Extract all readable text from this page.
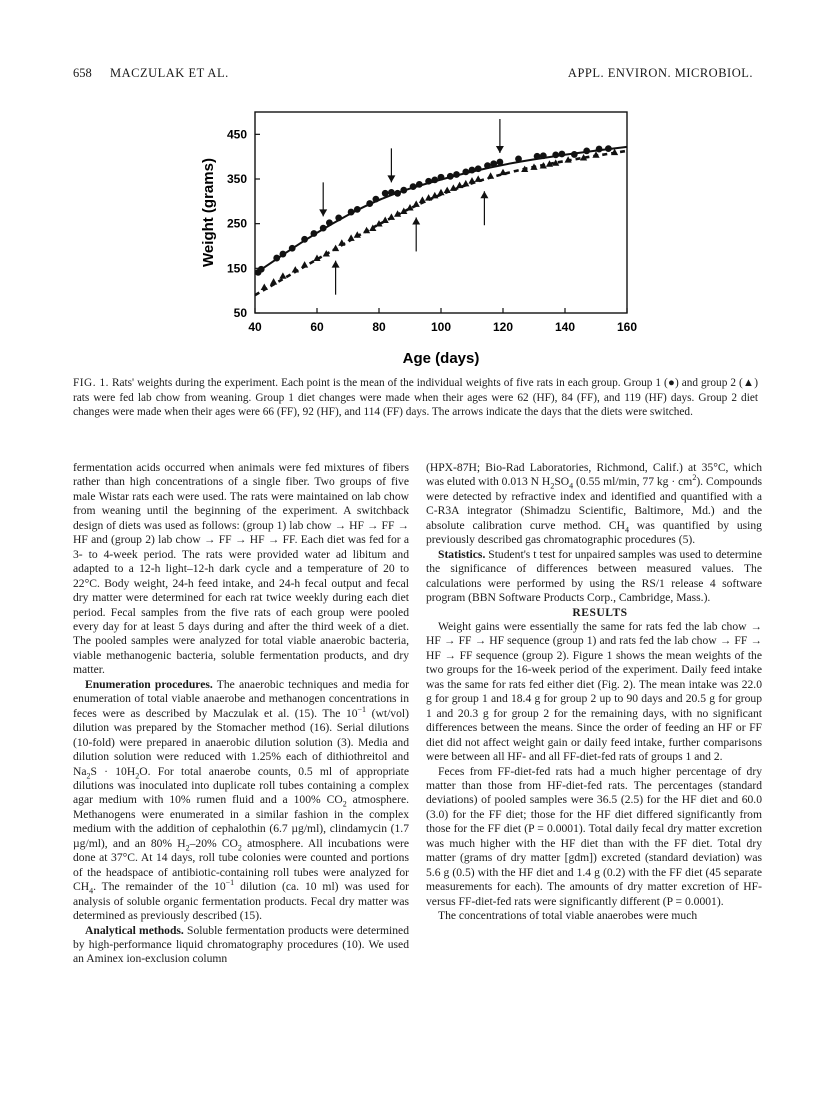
658 MACZULAK ET AL.	APPL. ENVIRON. MICROBIOL.
40	60	80	100	120	140	160
50
150
250
350
450
Age (days)
Weight (grams)
FIG. 1. Rats' weights during the experiment. Each point is the mean of the individual weights of five rats in each group. Group 1 (●) and group 2 (▲) rats were fed lab chow from weaning. Group 1 diet changes were made when their ages were 62 (HF), 84 (FF), and 119 (HF) days. Group 2 diet changes were made when their ages were 66 (FF), 92 (HF), and 114 (FF) days. The arrows indicate the days that the diets were switched.

fermentation acids occurred when animals were fed mixtures of fibers rather than high concentrations of a single fiber. Two groups of five male Wistar rats each were used. The rats were maintained on lab chow from weaning until the beginning of the experiment. A switchback design of diets was used as follows: (group 1) lab chow → HF → FF → HF and (group 2) lab chow → FF → HF → FF. Each diet was fed for a 3- to 4-week period. The rats were provided water ad libitum and adapted to a 12-h light–12-h dark cycle and a temperature of 20 to 22°C. Body weight, 24-h feed intake, and 24-h fecal output and fecal dry matter were determined for each rat twice weekly during each diet period. Fecal samples from the five rats of each group were pooled every day for at least 5 days during and after the third week of a diet. The pooled samples were analyzed for total viable anaerobic bacteria, viable methanogenic bacteria, soluble fermentation products, and dry matter.

Enumeration procedures. The anaerobic techniques and media for enumeration of total viable anaerobe and methanogen concentrations in feces were as described by Maczulak et al. (15). The $10^{-1}$ (wt/vol) dilution was prepared by the Stomacher method (16). Serial dilutions (10-fold) were prepared in anaerobic dilution solution (3). Media and dilution solution were reduced with 1.25% each of dithiothreitol and $Na_2S \cdot 10H_2O$. For total anaerobe counts, 0.5 ml of appropriate dilutions was inoculated into duplicate roll tubes containing a complex agar medium with 10% rumen fluid and a 100% $CO_2$ atmosphere. Methanogens were enumerated in a similar fashion in the complex medium with the addition of cephalothin (6.7 µg/ml), clindamycin (1.7 µg/ml), and an 80% $H_2-20\%$ $CO_2$ atmosphere. All incubations were done at 37°C. At 14 days, roll tube colonies were counted and portions of the headspace of antibiotic-containing roll tubes were analyzed for $CH_4$. The remainder of the $10^{-1}$ dilution (ca. 10 ml) was used for analysis of soluble organic fermentation products. Fecal dry matter was determined as previously described (15).

Analytical methods. Soluble fermentation products were determined by high-performance liquid chromatography procedures (10). We used an Aminex ion-exclusion column

(HPX-87H; Bio-Rad Laboratories, Richmond, Calif.) at 35°C, which was eluted with 0.013 N $H_2SO_4$ (0.55 ml/min, 77 kg · $cm^2$). Compounds were detected by refractive index and identified and quantified with a C-R3A integrator (Shimadzu Scientific, Baltimore, Md.) and the absolute calibration curve method. $CH_4$ was quantified by using previously described gas chromatographic procedures (5).

Statistics. Student's t test for unpaired samples was used to determine the significance of differences between measured values. The calculations were performed by using the RS/1 release 4 software program (BBN Software Products Corp., Cambridge, Mass.).

RESULTS

Weight gains were essentially the same for rats fed the lab chow → HF → FF → HF sequence (group 1) and rats fed the lab chow → FF → HF → FF sequence (group 2). Figure 1 shows the mean weights of the two groups for the 16-week period of the experiment. Daily feed intake was the same for rats fed either diet (Fig. 2). The mean intake was 22.0 g for group 1 and 18.4 g for group 2 up to 90 days and 20.5 g for group 1 and 20.3 g for group 2 for the remaining days, with no significant differences between the means. Since the order of feeding an HF or FF diet did not affect weight gain or daily feed intake, further comparisons were between all HF- and all FF-diet-fed rats of groups 1 and 2.

Feces from FF-diet-fed rats had a much higher percentage of dry matter than those from HF-diet-fed rats. The percentages (standard deviations) of pooled samples were 36.5 (2.5) for the HF diet and 60.0 (3.0) for the FF diet; those for the HF diet differed significantly from those for the FF diet (P = 0.0001). Total daily fecal dry matter excretion was much higher with the HF diet than with the FF diet. Total dry matter (grams of dry matter [gdm]) excreted (standard deviation) was 5.6 g (0.5) with the HF diet and 1.4 g (0.2) with the FF diet (45 separate measurements for each). The amounts of dry matter excretion of HF- versus FF-diet-fed rats were significantly different (P = 0.0001).

The concentrations of total viable anaerobes were much
